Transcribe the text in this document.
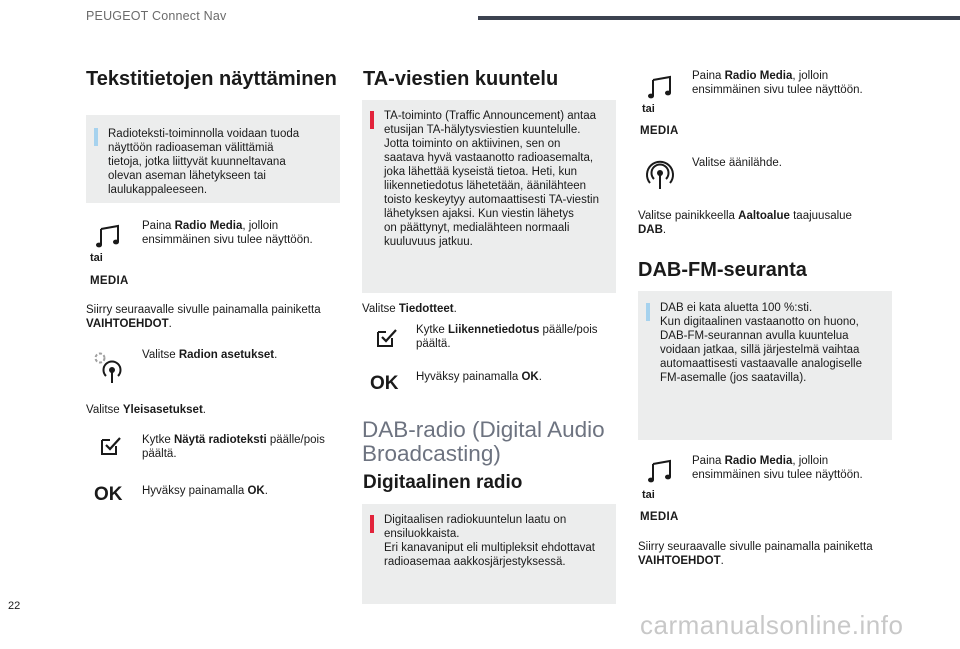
PEUGEOT Connect Nav
Tekstitietojen näyttäminen
Radioteksti-toiminnolla voidaan tuoda
näyttöön radioaseman välittämiä
tietoja, jotka liittyvät kuunneltavana
olevan aseman lähetykseen tai
laulukappaleeseen.
Paina Radio Media, jolloin
ensimmäinen sivu tulee näyttöön.
tai
MEDIA
Siirry seuraavalle sivulle painamalla painiketta
VAIHTOEHDOT.
Valitse Radion asetukset.
Valitse Yleisasetukset.
Kytke Näytä radioteksti päälle/pois
päältä.
OK Hyväksy painamalla OK.
TA-viestien kuuntelu
TA-toiminto (Traffic Announcement) antaa
etusijan TA-hälytysviestien kuuntelulle.
Jotta toiminto on aktiivinen, sen on
saatava hyvä vastaanotto radioasemalta,
joka lähettää kyseistä tietoa. Heti, kun
liikennetiedotus lähetetään, äänilähteen
toisto keskeytyy automaattisesti TA-viestin
lähetyksen ajaksi. Kun viestin lähetys
on päättynyt, medialähteen normaali
kuuluvuus jatkuu.
Valitse Tiedotteet.
Kytke Liikennetiedotus päälle/pois
päältä.
OK Hyväksy painamalla OK.
DAB-radio (Digital Audio
Broadcasting)
Digitaalinen radio
Digitaalisen radiokuuntelun laatu on
ensiluokkaista.
Eri kanavaniput eli multipleksit ehdottavat
radioasemaa aakkosjärjestyksessä.
Paina Radio Media, jolloin
ensimmäinen sivu tulee näyttöön.
tai
MEDIA
Valitse äänilähde.
Valitse painikkeella Aaltoalue taajuusalue
DAB.
DAB-FM-seuranta
DAB ei kata aluetta 100 %:sti.
Kun digitaalinen vastaanotto on huono,
DAB-FM-seurannan avulla kuuntelua
voidaan jatkaa, sillä järjestelmä vaihtaa
automaattisesti vastaavalle analogiselle
FM-asemalle (jos saatavilla).
Paina Radio Media, jolloin
ensimmäinen sivu tulee näyttöön.
tai
MEDIA
Siirry seuraavalle sivulle painamalla painiketta
VAIHTOEHDOT.
22
carmanualsonline.info
